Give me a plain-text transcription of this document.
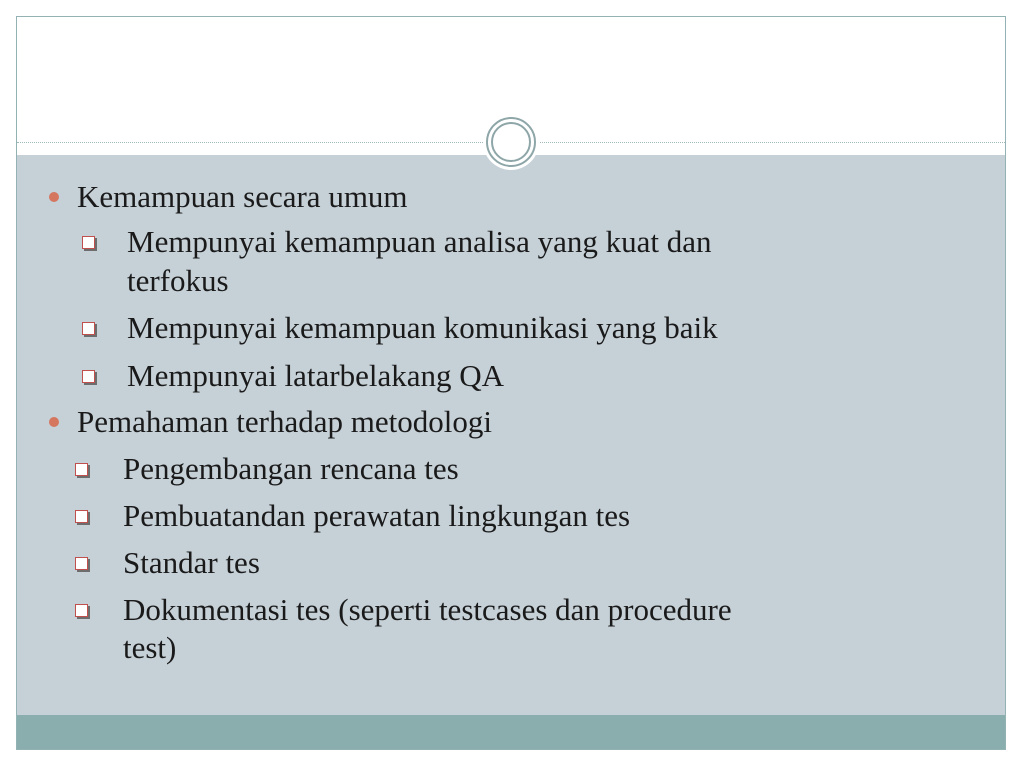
Kemampuan secara umum
Mempunyai kemampuan analisa yang kuat dan
terfokus
Mempunyai kemampuan komunikasi yang baik
Mempunyai latarbelakang QA
Pemahaman terhadap metodologi
Pengembangan rencana tes
Pembuatandan perawatan lingkungan tes
Standar tes
Dokumentasi tes (seperti testcases dan procedure
test)
